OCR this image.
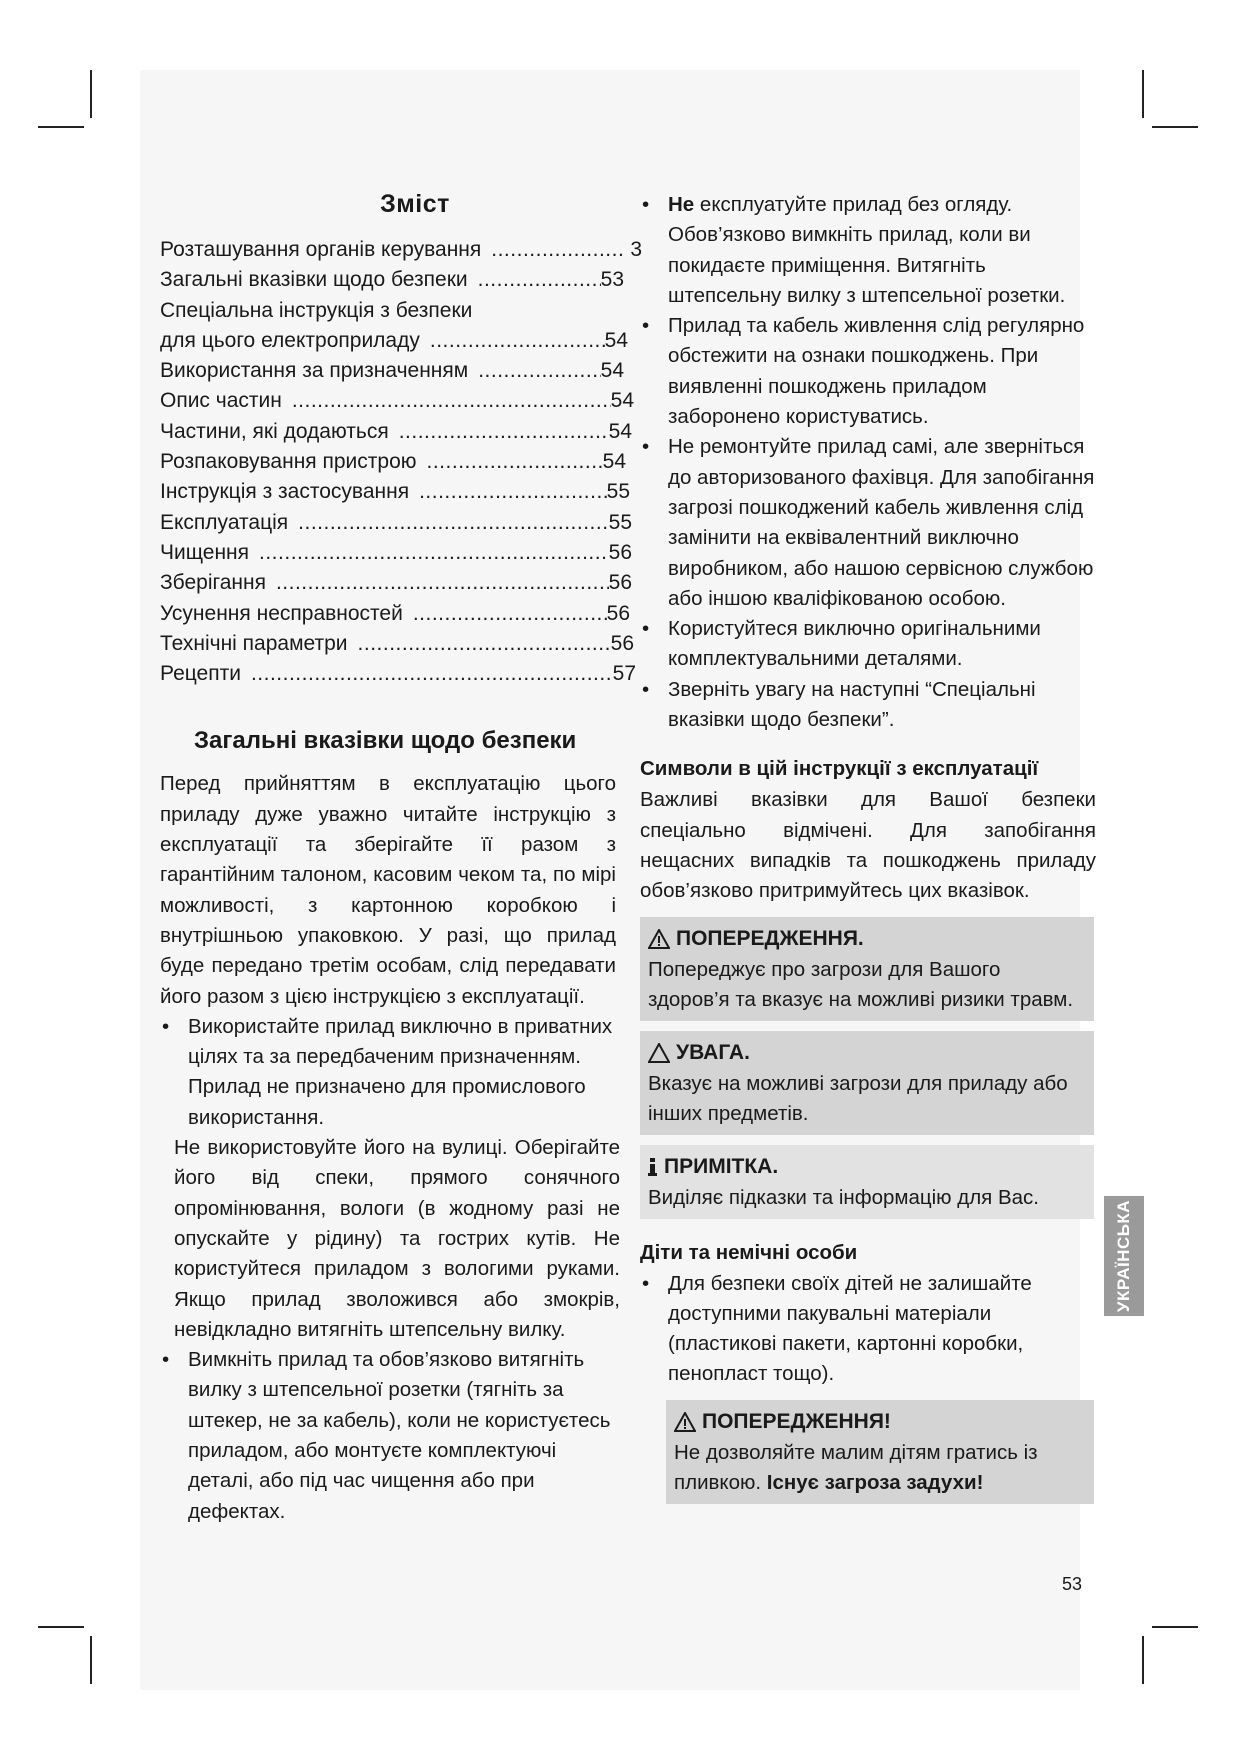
Зміст
Розташування органів керування .....	3
Загальні вказівки щодо безпеки .....	53
Спеціальна інструкція з безпеки
для цього електроприладу .....	54
Використання за призначенням .....	54
Опис частин .....	54
Частини, які додаються .....	54
Розпаковування пристрою .....	54
Інструкція з застосування .....	55
Експлуатація .....	55
Чищення .....	56
Зберігання .....	56
Усунення несправностей .....	56
Технічні параметри .....	56
Рецепти .....	57
Загальні вказівки щодо безпеки

Перед прийняттям в експлуатацію цього приладу дуже уважно читайте інструкцію з експлуатації та зберігайте її разом з гарантійним талоном, касовим чеком та, по мірі можливості, з картонною коробкою і внутрішньою упаковкою. У разі, що прилад буде передано третім особам, слід передавати його разом з цією інструкцією з експлуатації.

• Використайте прилад виключно в приватних цілях та за передбаченим призначенням. Прилад не призначено для промислового використання.
Не використовуйте його на вулиці. Оберігайте його від спеки, прямого сонячного опромінювання, вологи (в жодному разі не опускайте у рідину) та гострих кутів. Не користуйтеся приладом з вологими руками. Якщо прилад зволожився або змокрів, невідкладно витягніть штепсельну вилку.
• Вимкніть прилад та обов’язково витягніть вилку з штепсельної розетки (тягніть за штекер, не за кабель), коли не користуєтесь приладом, або монтуєте комплектуючі деталі, або під час чищення або при дефектах.
• Не експлуатуйте прилад без огляду. Обов’язково вимкніть прилад, коли ви покидаєте приміщення. Витягніть штепсельну вилку з штепсельної розетки.
• Прилад та кабель живлення слід регулярно обстежити на ознаки пошкоджень. При виявленні пошкоджень приладом заборонено користуватись.
• Не ремонтуйте прилад самі, але зверніться до авторизованого фахівця. Для запобігання загрозі пошкоджений кабель живлення слід замінити на еквівалентний виключно виробником, або нашою сервісною службою або іншою кваліфікованою особою.
• Користуйтеся виключно оригінальними комплектувальними деталями.
• Зверніть увагу на наступні “Спеціальні вказівки щодо безпеки”.
Символи в цій інструкції з експлуатації

Важливі вказівки для Вашої безпеки спеціально відмічені. Для запобігання нещасних випадків та пошкоджень приладу обов’язково притримуйтесь цих вказівок.

ПОПЕРЕДЖЕННЯ.
Попереджує про загрози для Вашого здоров’я та вказує на можливі ризики травм.
УВАГА.
Вказує на можливі загрози для приладу або інших предметів.
ПРИМІТКА.
Виділяє підказки та інформацію для Вас.
Діти та немічні особи
• Для безпеки своїх дітей не залишайте доступними пакувальні матеріали (пластикові пакети, картонні коробки, пенопласт тощо).
ПОПЕРЕДЖЕННЯ!
Не дозволяйте малим дітям гратись із пливкою. Існує загроза задухи!
УКРАЇНСЬКА
53
